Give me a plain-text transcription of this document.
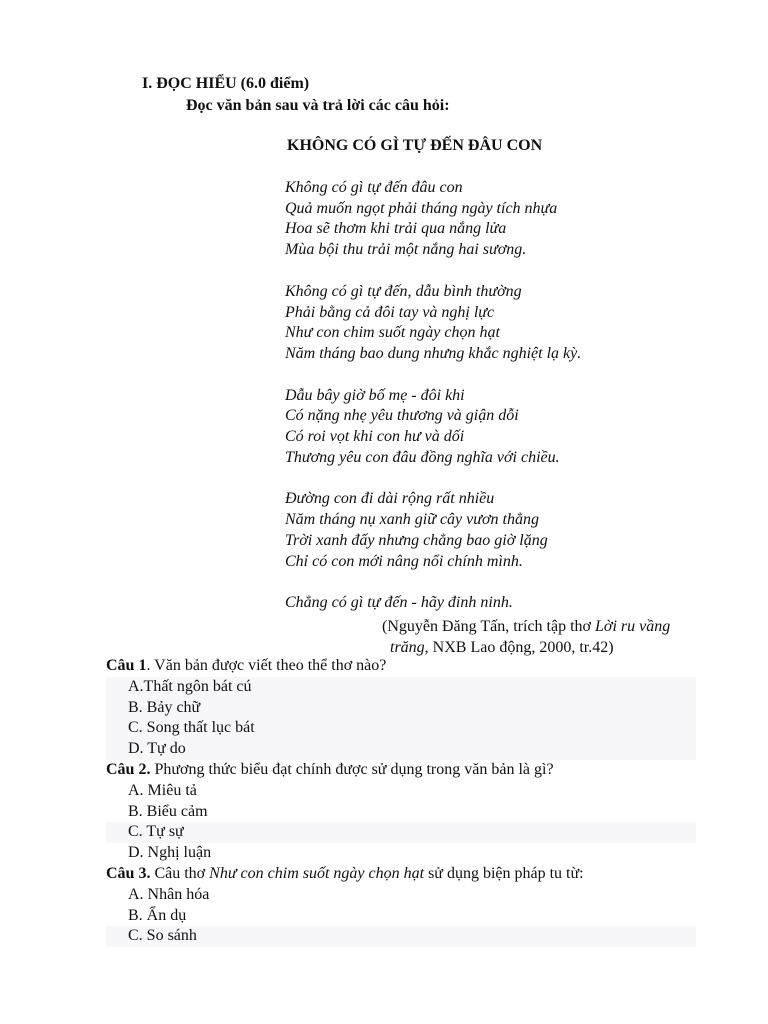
I. ĐỌC HIỂU (6.0 điểm)
Đọc văn bản sau và trả lời các câu hỏi:
KHÔNG CÓ GÌ TỰ ĐẾN ĐÂU CON
Không có gì tự đến đâu con
Quả muốn ngọt phải tháng ngày tích nhựa
Hoa sẽ thơm khi trải qua nắng lửa
Mùa bội thu trải một nắng hai sương.
Không có gì tự đến, dẫu bình thường
Phải bằng cả đôi tay và nghị lực
Như con chim suốt ngày chọn hạt
Năm tháng bao dung nhưng khắc nghiệt lạ kỳ.
Dẫu bây giờ bố mẹ - đôi khi
Có nặng nhẹ yêu thương và giận dỗi
Có roi vọt khi con hư và dối
Thương yêu con đâu đồng nghĩa với chiều.
Đường con đi dài rộng rất nhiều
Năm tháng nụ xanh giữ cây vươn thẳng
Trời xanh đấy nhưng chẳng bao giờ lặng
Chỉ có con mới nâng nổi chính mình.
Chẳng có gì tự đến - hãy đinh ninh.
(Nguyễn Đăng Tấn, trích tập thơ Lời ru vầng
trăng, NXB Lao động, 2000, tr.42)
Câu 1. Văn bản được viết theo thể thơ nào?
A.Thất ngôn bát cú
B. Bảy chữ
C. Song thất lục bát
D. Tự do
Câu 2. Phương thức biểu đạt chính được sử dụng trong văn bản là gì?
A. Miêu tả
B. Biểu cảm
C. Tự sự
D. Nghị luận
Câu 3. Câu thơ Như con chim suốt ngày chọn hạt sử dụng biện pháp tu từ:
A. Nhân hóa
B. Ẩn dụ
C. So sánh
